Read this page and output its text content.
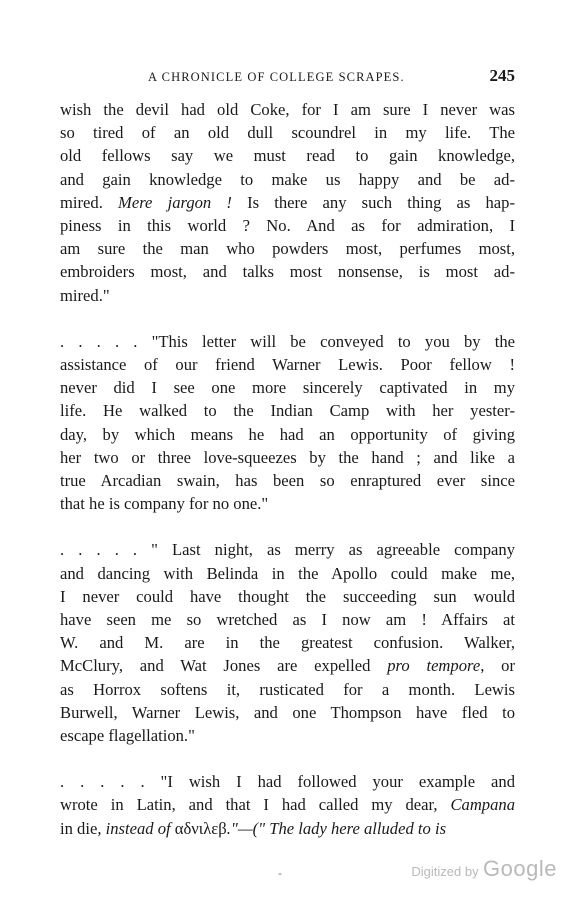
A CHRONICLE OF COLLEGE SCRAPES.	245

wish the devil had old Coke, for I am sure I never was
so tired of an old dull scoundrel in my life. The
old fellows say we must read to gain knowledge,
and gain knowledge to make us happy and be ad-
mired. Mere jargon ! Is there any such thing as hap-
piness in this world ? No. And as for admiration, I
am sure the man who powders most, perfumes most,
embroiders most, and talks most nonsense, is most ad-
mired."

. . . . . "This letter will be conveyed to you by the
assistance of our friend Warner Lewis. Poor fellow !
never did I see one more sincerely captivated in my
life. He walked to the Indian Camp with her yester-
day, by which means he had an opportunity of giving
her two or three love-squeezes by the hand ; and like a
true Arcadian swain, has been so enraptured ever since
that he is company for no one."

. . . . . " Last night, as merry as agreeable company
and dancing with Belinda in the Apollo could make me,
I never could have thought the succeeding sun would
have seen me so wretched as I now am ! Affairs at
W. and M. are in the greatest confusion. Walker,
McClury, and Wat Jones are expelled pro tempore, or
as Horrox softens it, rusticated for a month. Lewis
Burwell, Warner Lewis, and one Thompson have fled to
escape flagellation."

. . . . . "I wish I had followed your example and
wrote in Latin, and that I had called my dear, Campana
in die, instead of αδνιλεβ."—(" The lady here alluded to is

-	Digitized by Google
